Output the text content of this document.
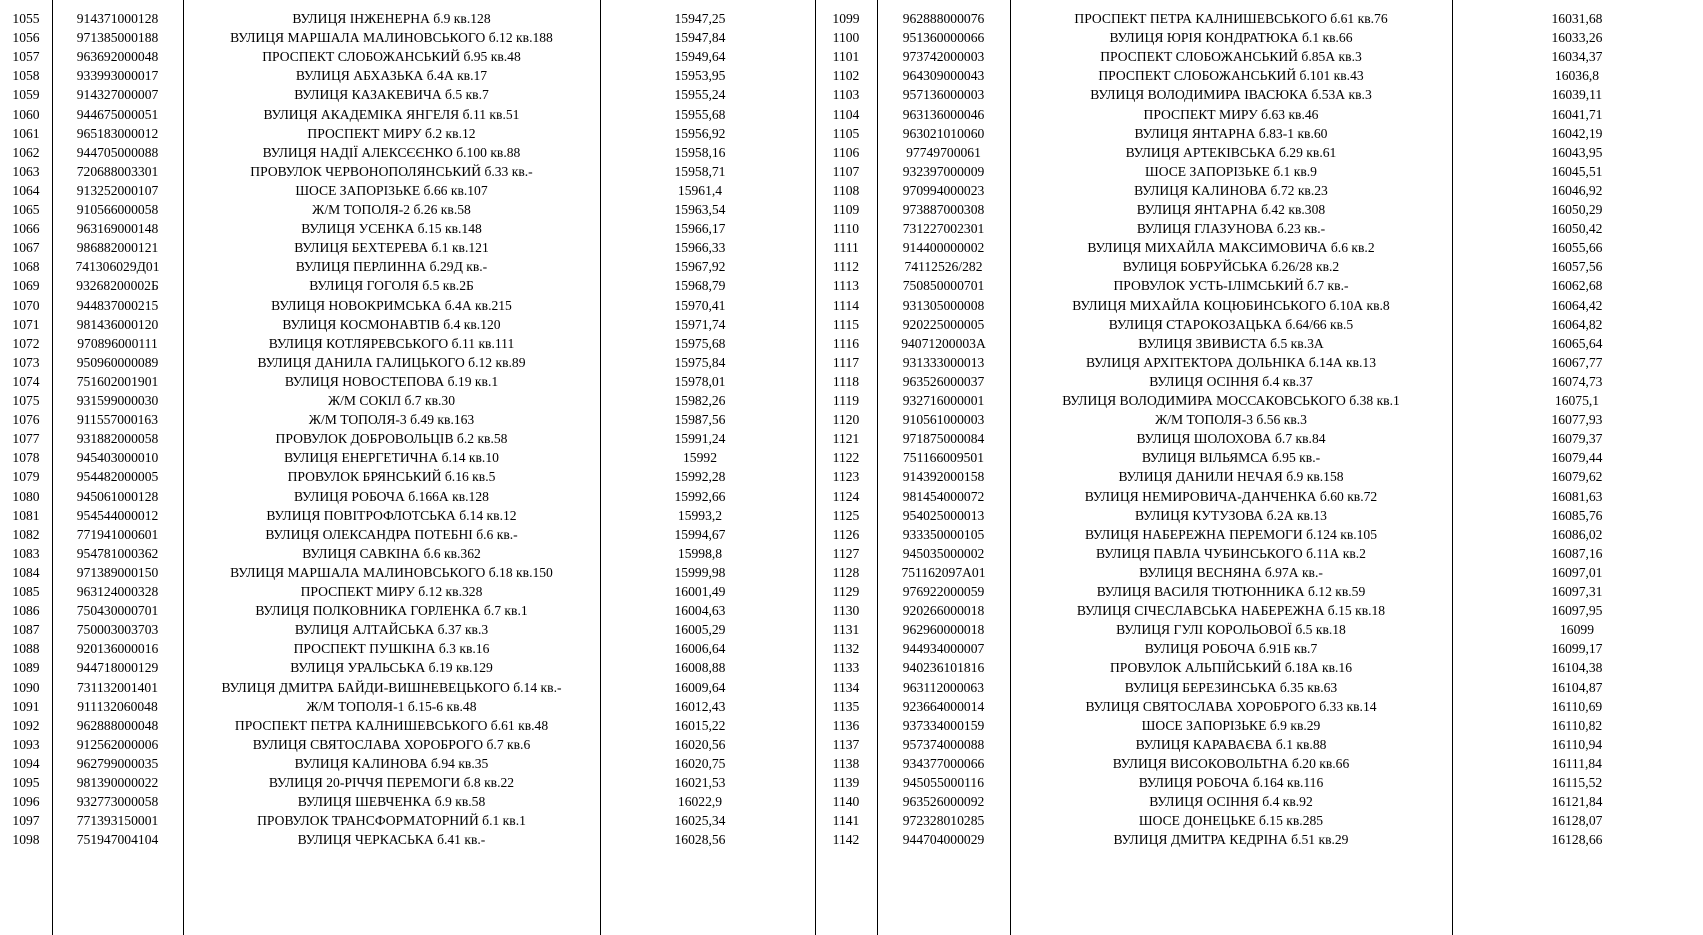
1055	914371000128	ВУЛИЦЯ ІНЖЕНЕРНА б.9 кв.128	15947,25
1056	971385000188	ВУЛИЦЯ МАРШАЛА МАЛИНОВСЬКОГО б.12 кв.188	15947,84
1057	963692000048	ПРОСПЕКТ СЛОБОЖАНСЬКИЙ б.95 кв.48	15949,64
1058	933993000017	ВУЛИЦЯ АБХАЗЬКА б.4А кв.17	15953,95
1059	914327000007	ВУЛИЦЯ КАЗАКЕВИЧА б.5 кв.7	15955,24
1060	944675000051	ВУЛИЦЯ АКАДЕМІКА ЯНГЕЛЯ б.11 кв.51	15955,68
1061	965183000012	ПРОСПЕКТ МИРУ б.2 кв.12	15956,92
1062	944705000088	ВУЛИЦЯ НАДІЇ АЛЕКСЄЄНКО б.100 кв.88	15958,16
1063	720688003301	ПРОВУЛОК ЧЕРВОНОПОЛЯНСЬКИЙ б.33 кв.-	15958,71
1064	913252000107	ШОСЕ ЗАПОРІЗЬКЕ б.66 кв.107	15961,4
1065	910566000058	Ж/М ТОПОЛЯ-2 б.26 кв.58	15963,54
1066	963169000148	ВУЛИЦЯ УСЕНКА б.15 кв.148	15966,17
1067	986882000121	ВУЛИЦЯ БЕХТЕРЕВА б.1 кв.121	15966,33
1068	741306029Д01	ВУЛИЦЯ ПЕРЛИННА б.29Д кв.-	15967,92
1069	93268200002Б	ВУЛИЦЯ ГОГОЛЯ б.5 кв.2Б	15968,79
1070	944837000215	ВУЛИЦЯ НОВОКРИМСЬКА б.4А кв.215	15970,41
1071	981436000120	ВУЛИЦЯ КОСМОНАВТІВ б.4 кв.120	15971,74
1072	970896000111	ВУЛИЦЯ КОТЛЯРЕВСЬКОГО б.11 кв.111	15975,68
1073	950960000089	ВУЛИЦЯ ДАНИЛА ГАЛИЦЬКОГО б.12 кв.89	15975,84
1074	751602001901	ВУЛИЦЯ НОВОСТЕПОВА б.19 кв.1	15978,01
1075	931599000030	Ж/М СОКІЛ б.7 кв.30	15982,26
1076	911557000163	Ж/М ТОПОЛЯ-3 б.49 кв.163	15987,56
1077	931882000058	ПРОВУЛОК ДОБРОВОЛЬЦІВ б.2 кв.58	15991,24
1078	945403000010	ВУЛИЦЯ ЕНЕРГЕТИЧНА б.14 кв.10	15992
1079	954482000005	ПРОВУЛОК БРЯНСЬКИЙ б.16 кв.5	15992,28
1080	945061000128	ВУЛИЦЯ РОБОЧА б.166А кв.128	15992,66
1081	954544000012	ВУЛИЦЯ ПОВІТРОФЛОТСЬКА б.14 кв.12	15993,2
1082	771941000601	ВУЛИЦЯ ОЛЕКСАНДРА ПОТЕБНІ б.6 кв.-	15994,67
1083	954781000362	ВУЛИЦЯ САВКІНА б.6 кв.362	15998,8
1084	971389000150	ВУЛИЦЯ МАРШАЛА МАЛИНОВСЬКОГО б.18 кв.150	15999,98
1085	963124000328	ПРОСПЕКТ МИРУ б.12 кв.328	16001,49
1086	750430000701	ВУЛИЦЯ ПОЛКОВНИКА ГОРЛЕНКА б.7 кв.1	16004,63
1087	750003003703	ВУЛИЦЯ АЛТАЙСЬКА б.37 кв.3	16005,29
1088	920136000016	ПРОСПЕКТ ПУШКІНА б.3 кв.16	16006,64
1089	944718000129	ВУЛИЦЯ УРАЛЬСЬКА б.19 кв.129	16008,88
1090	731132001401	ВУЛИЦЯ ДМИТРА БАЙДИ-ВИШНЕВЕЦЬКОГО б.14 кв.-	16009,64
1091	911132060048	Ж/М ТОПОЛЯ-1 б.15-6 кв.48	16012,43
1092	962888000048	ПРОСПЕКТ ПЕТРА КАЛНИШЕВСЬКОГО б.61 кв.48	16015,22
1093	912562000006	ВУЛИЦЯ СВЯТОСЛАВА ХОРОБРОГО б.7 кв.6	16020,56
1094	962799000035	ВУЛИЦЯ КАЛИНОВА б.94 кв.35	16020,75
1095	981390000022	ВУЛИЦЯ 20-РІЧЧЯ ПЕРЕМОГИ б.8 кв.22	16021,53
1096	932773000058	ВУЛИЦЯ ШЕВЧЕНКА б.9 кв.58	16022,9
1097	771393150001	ПРОВУЛОК ТРАНСФОРМАТОРНИЙ б.1 кв.1	16025,34
1098	751947004104	ВУЛИЦЯ ЧЕРКАСЬКА б.41 кв.-	16028,56
1099	962888000076	ПРОСПЕКТ ПЕТРА КАЛНИШЕВСЬКОГО б.61 кв.76	16031,68
1100	951360000066	ВУЛИЦЯ ЮРІЯ КОНДРАТЮКА б.1 кв.66	16033,26
1101	973742000003	ПРОСПЕКТ СЛОБОЖАНСЬКИЙ б.85А кв.3	16034,37
1102	964309000043	ПРОСПЕКТ СЛОБОЖАНСЬКИЙ б.101 кв.43	16036,8
1103	957136000003	ВУЛИЦЯ ВОЛОДИМИРА ІВАСЮКА б.53А кв.3	16039,11
1104	963136000046	ПРОСПЕКТ МИРУ б.63 кв.46	16041,71
1105	963021010060	ВУЛИЦЯ ЯНТАРНА б.83-1 кв.60	16042,19
1106	97749700061	ВУЛИЦЯ АРТЕКІВСЬКА б.29 кв.61	16043,95
1107	932397000009	ШОСЕ ЗАПОРІЗЬКЕ б.1 кв.9	16045,51
1108	970994000023	ВУЛИЦЯ КАЛИНОВА б.72 кв.23	16046,92
1109	973887000308	ВУЛИЦЯ ЯНТАРНА б.42 кв.308	16050,29
1110	731227002301	ВУЛИЦЯ ГЛАЗУНОВА б.23 кв.-	16050,42
1111	914400000002	ВУЛИЦЯ МИХАЙЛА МАКСИМОВИЧА б.6 кв.2	16055,66
1112	74112526/282	ВУЛИЦЯ БОБРУЙСЬКА б.26/28 кв.2	16057,56
1113	750850000701	ПРОВУЛОК УСТЬ-ІЛІМСЬКИЙ б.7 кв.-	16062,68
1114	931305000008	ВУЛИЦЯ МИХАЙЛА КОЦЮБИНСЬКОГО б.10А кв.8	16064,42
1115	920225000005	ВУЛИЦЯ СТАРОКОЗАЦЬКА б.64/66 кв.5	16064,82
1116	94071200003А	ВУЛИЦЯ ЗВИВИСТА б.5 кв.3А	16065,64
1117	931333000013	ВУЛИЦЯ АРХІТЕКТОРА ДОЛЬНІКА б.14А кв.13	16067,77
1118	963526000037	ВУЛИЦЯ ОСІННЯ б.4 кв.37	16074,73
1119	932716000001	ВУЛИЦЯ ВОЛОДИМИРА МОССАКОВСЬКОГО б.38 кв.1	16075,1
1120	910561000003	Ж/М ТОПОЛЯ-3 б.56 кв.3	16077,93
1121	971875000084	ВУЛИЦЯ ШОЛОХОВА б.7 кв.84	16079,37
1122	751166009501	ВУЛИЦЯ ВІЛЬЯМСА б.95 кв.-	16079,44
1123	914392000158	ВУЛИЦЯ ДАНИЛИ НЕЧАЯ б.9 кв.158	16079,62
1124	981454000072	ВУЛИЦЯ НЕМИРОВИЧА-ДАНЧЕНКА б.60 кв.72	16081,63
1125	954025000013	ВУЛИЦЯ КУТУЗОВА б.2А кв.13	16085,76
1126	933350000105	ВУЛИЦЯ НАБЕРЕЖНА ПЕРЕМОГИ б.124 кв.105	16086,02
1127	945035000002	ВУЛИЦЯ ПАВЛА ЧУБИНСЬКОГО б.11А кв.2	16087,16
1128	751162097А01	ВУЛИЦЯ ВЕСНЯНА б.97А кв.-	16097,01
1129	976922000059	ВУЛИЦЯ ВАСИЛЯ ТЮТЮННИКА б.12 кв.59	16097,31
1130	920266000018	ВУЛИЦЯ СІЧЕСЛАВСЬКА НАБЕРЕЖНА б.15 кв.18	16097,95
1131	962960000018	ВУЛИЦЯ ГУЛІ КОРОЛЬОВОЇ б.5 кв.18	16099
1132	944934000007	ВУЛИЦЯ РОБОЧА б.91Б кв.7	16099,17
1133	940236101816	ПРОВУЛОК АЛЬПІЙСЬКИЙ б.18А кв.16	16104,38
1134	963112000063	ВУЛИЦЯ БЕРЕЗИНСЬКА б.35 кв.63	16104,87
1135	923664000014	ВУЛИЦЯ СВЯТОСЛАВА ХОРОБРОГО б.33 кв.14	16110,69
1136	937334000159	ШОСЕ ЗАПОРІЗЬКЕ б.9 кв.29	16110,82
1137	957374000088	ВУЛИЦЯ КАРАВАЄВА б.1 кв.88	16110,94
1138	934377000066	ВУЛИЦЯ ВИСОКОВОЛЬТНА б.20 кв.66	16111,84
1139	945055000116	ВУЛИЦЯ РОБОЧА б.164 кв.116	16115,52
1140	963526000092	ВУЛИЦЯ ОСІННЯ б.4 кв.92	16121,84
1141	972328010285	ШОСЕ ДОНЕЦЬКЕ б.15 кв.285	16128,07
1142	944704000029	ВУЛИЦЯ ДМИТРА КЕДРІНА б.51 кв.29	16128,66
